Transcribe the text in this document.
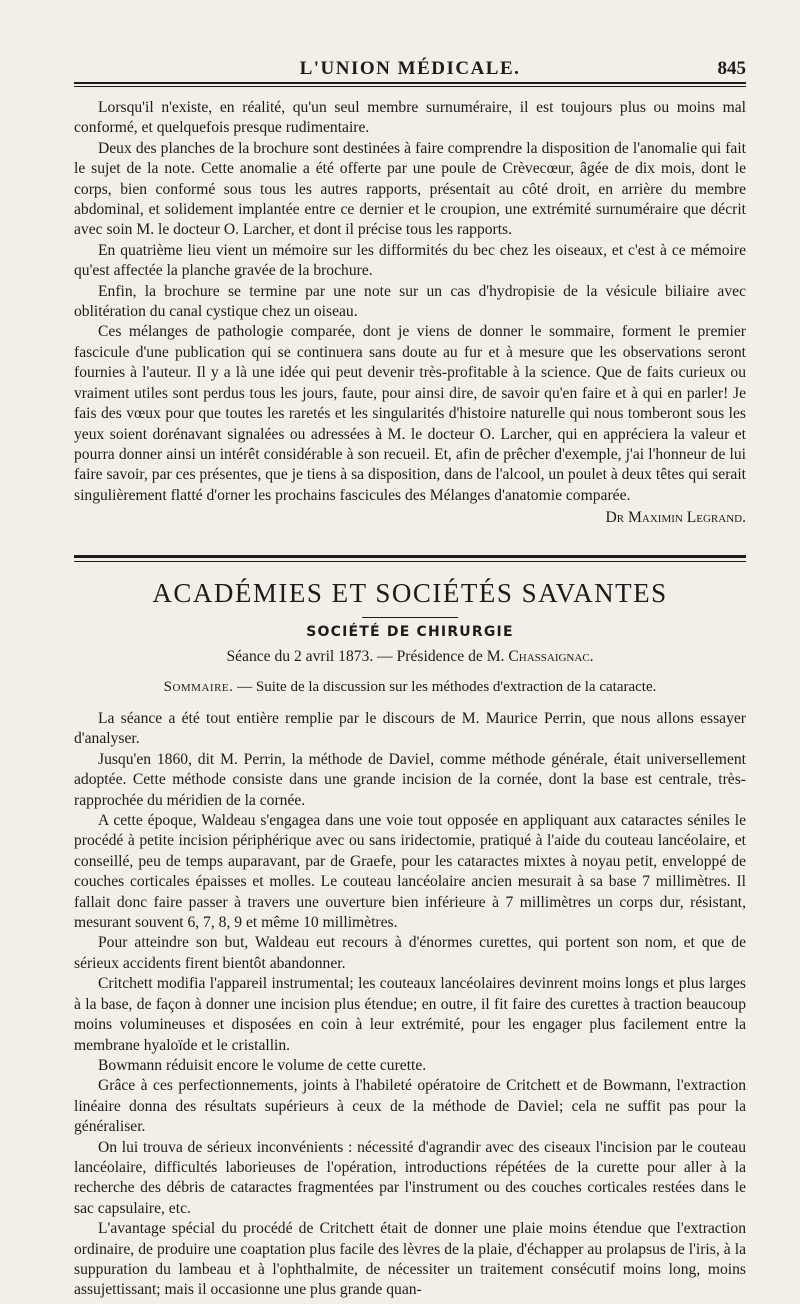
L'UNION MÉDICALE.	845

Lorsqu'il n'existe, en réalité, qu'un seul membre surnuméraire, il est toujours plus ou moins mal conformé, et quelquefois presque rudimentaire.

Deux des planches de la brochure sont destinées à faire comprendre la disposition de l'anomalie qui fait le sujet de la note. Cette anomalie a été offerte par une poule de Crèvecœur, âgée de dix mois, dont le corps, bien conformé sous tous les autres rapports, présentait au côté droit, en arrière du membre abdominal, et solidement implantée entre ce dernier et le croupion, une extrémité surnuméraire que décrit avec soin M. le docteur O. Larcher, et dont il précise tous les rapports.

En quatrième lieu vient un mémoire sur les difformités du bec chez les oiseaux, et c'est à ce mémoire qu'est affectée la planche gravée de la brochure.

Enfin, la brochure se termine par une note sur un cas d'hydropisie de la vésicule biliaire avec oblitération du canal cystique chez un oiseau.

Ces mélanges de pathologie comparée, dont je viens de donner le sommaire, forment le premier fascicule d'une publication qui se continuera sans doute au fur et à mesure que les observations seront fournies à l'auteur. Il y a là une idée qui peut devenir très-profitable à la science. Que de faits curieux ou vraiment utiles sont perdus tous les jours, faute, pour ainsi dire, de savoir qu'en faire et à qui en parler! Je fais des vœux pour que toutes les raretés et les singularités d'histoire naturelle qui nous tomberont sous les yeux soient dorénavant signalées ou adressées à M. le docteur O. Larcher, qui en appréciera la valeur et pourra donner ainsi un intérêt considérable à son recueil. Et, afin de prêcher d'exemple, j'ai l'honneur de lui faire savoir, par ces présentes, que je tiens à sa disposition, dans de l'alcool, un poulet à deux têtes qui serait singulièrement flatté d'orner les prochains fascicules des Mélanges d'anatomie comparée.

Dr Maximin Legrand.

ACADÉMIES ET SOCIÉTÉS SAVANTES
SOCIÉTÉ DE CHIRURGIE
Séance du 2 avril 1873. — Présidence de M. Chassaignac.
Sommaire. — Suite de la discussion sur les méthodes d'extraction de la cataracte.

La séance a été tout entière remplie par le discours de M. Maurice Perrin, que nous allons essayer d'analyser.

Jusqu'en 1860, dit M. Perrin, la méthode de Daviel, comme méthode générale, était universellement adoptée. Cette méthode consiste dans une grande incision de la cornée, dont la base est centrale, très-rapprochée du méridien de la cornée.

A cette époque, Waldeau s'engagea dans une voie tout opposée en appliquant aux cataractes séniles le procédé à petite incision périphérique avec ou sans iridectomie, pratiqué à l'aide du couteau lancéolaire, et conseillé, peu de temps auparavant, par de Graefe, pour les cataractes mixtes à noyau petit, enveloppé de couches corticales épaisses et molles. Le couteau lancéolaire ancien mesurait à sa base 7 millimètres. Il fallait donc faire passer à travers une ouverture bien inférieure à 7 millimètres un corps dur, résistant, mesurant souvent 6, 7, 8, 9 et même 10 millimètres.

Pour atteindre son but, Waldeau eut recours à d'énormes curettes, qui portent son nom, et que de sérieux accidents firent bientôt abandonner.

Critchett modifia l'appareil instrumental; les couteaux lancéolaires devinrent moins longs et plus larges à la base, de façon à donner une incision plus étendue; en outre, il fit faire des curettes à traction beaucoup moins volumineuses et disposées en coin à leur extrémité, pour les engager plus facilement entre la membrane hyaloïde et le cristallin.

Bowmann réduisit encore le volume de cette curette.

Grâce à ces perfectionnements, joints à l'habileté opératoire de Critchett et de Bowmann, l'extraction linéaire donna des résultats supérieurs à ceux de la méthode de Daviel; cela ne suffit pas pour la généraliser.

On lui trouva de sérieux inconvénients : nécessité d'agrandir avec des ciseaux l'incision par le couteau lancéolaire, difficultés laborieuses de l'opération, introductions répétées de la curette pour aller à la recherche des débris de cataractes fragmentées par l'instrument ou des couches corticales restées dans le sac capsulaire, etc.

L'avantage spécial du procédé de Critchett était de donner une plaie moins étendue que l'extraction ordinaire, de produire une coaptation plus facile des lèvres de la plaie, d'échapper au prolapsus de l'iris, à la suppuration du lambeau et à l'ophthalmite, de nécessiter un traitement consécutif moins long, moins assujettissant; mais il occasionne une plus grande quan-
